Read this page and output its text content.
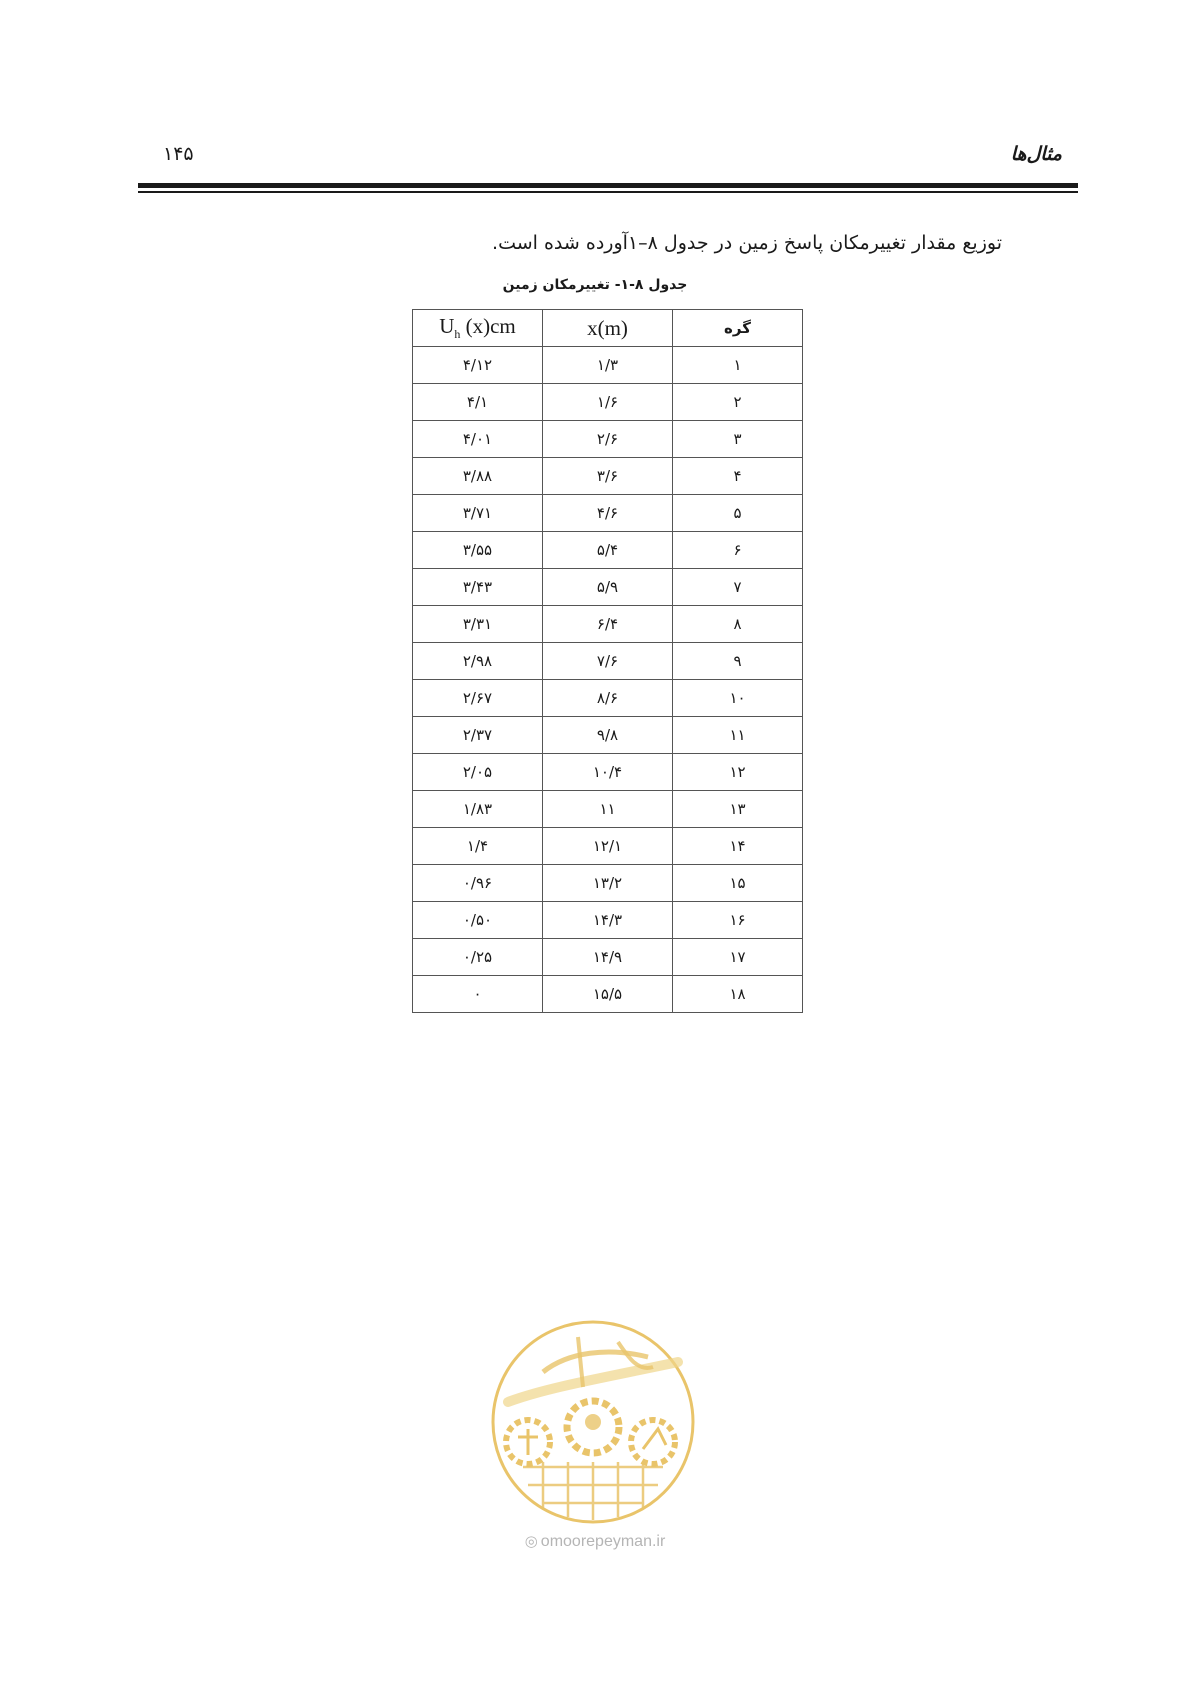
۱۴۵	مثال‌ها
توزیع مقدار تغییرمکان پاسخ زمین در جدول ۸–۱آورده شده است.
جدول ۸-۱- تغییرمکان زمین
گره	x(m)	$U_h$ (x)cm
۱	۱/۳	۴/۱۲
۲	۱/۶	۴/۱
۳	۲/۶	۴/۰۱
۴	۳/۶	۳/۸۸
۵	۴/۶	۳/۷۱
۶	۵/۴	۳/۵۵
۷	۵/۹	۳/۴۳
۸	۶/۴	۳/۳۱
۹	۷/۶	۲/۹۸
۱۰	۸/۶	۲/۶۷
۱۱	۹/۸	۲/۳۷
۱۲	۱۰/۴	۲/۰۵
۱۳	۱۱	۱/۸۳
۱۴	۱۲/۱	۱/۴
۱۵	۱۳/۲	۰/۹۶
۱۶	۱۴/۳	۰/۵۰
۱۷	۱۴/۹	۰/۲۵
۱۸	۱۵/۵	۰
◎ omoorepeyman.ir
